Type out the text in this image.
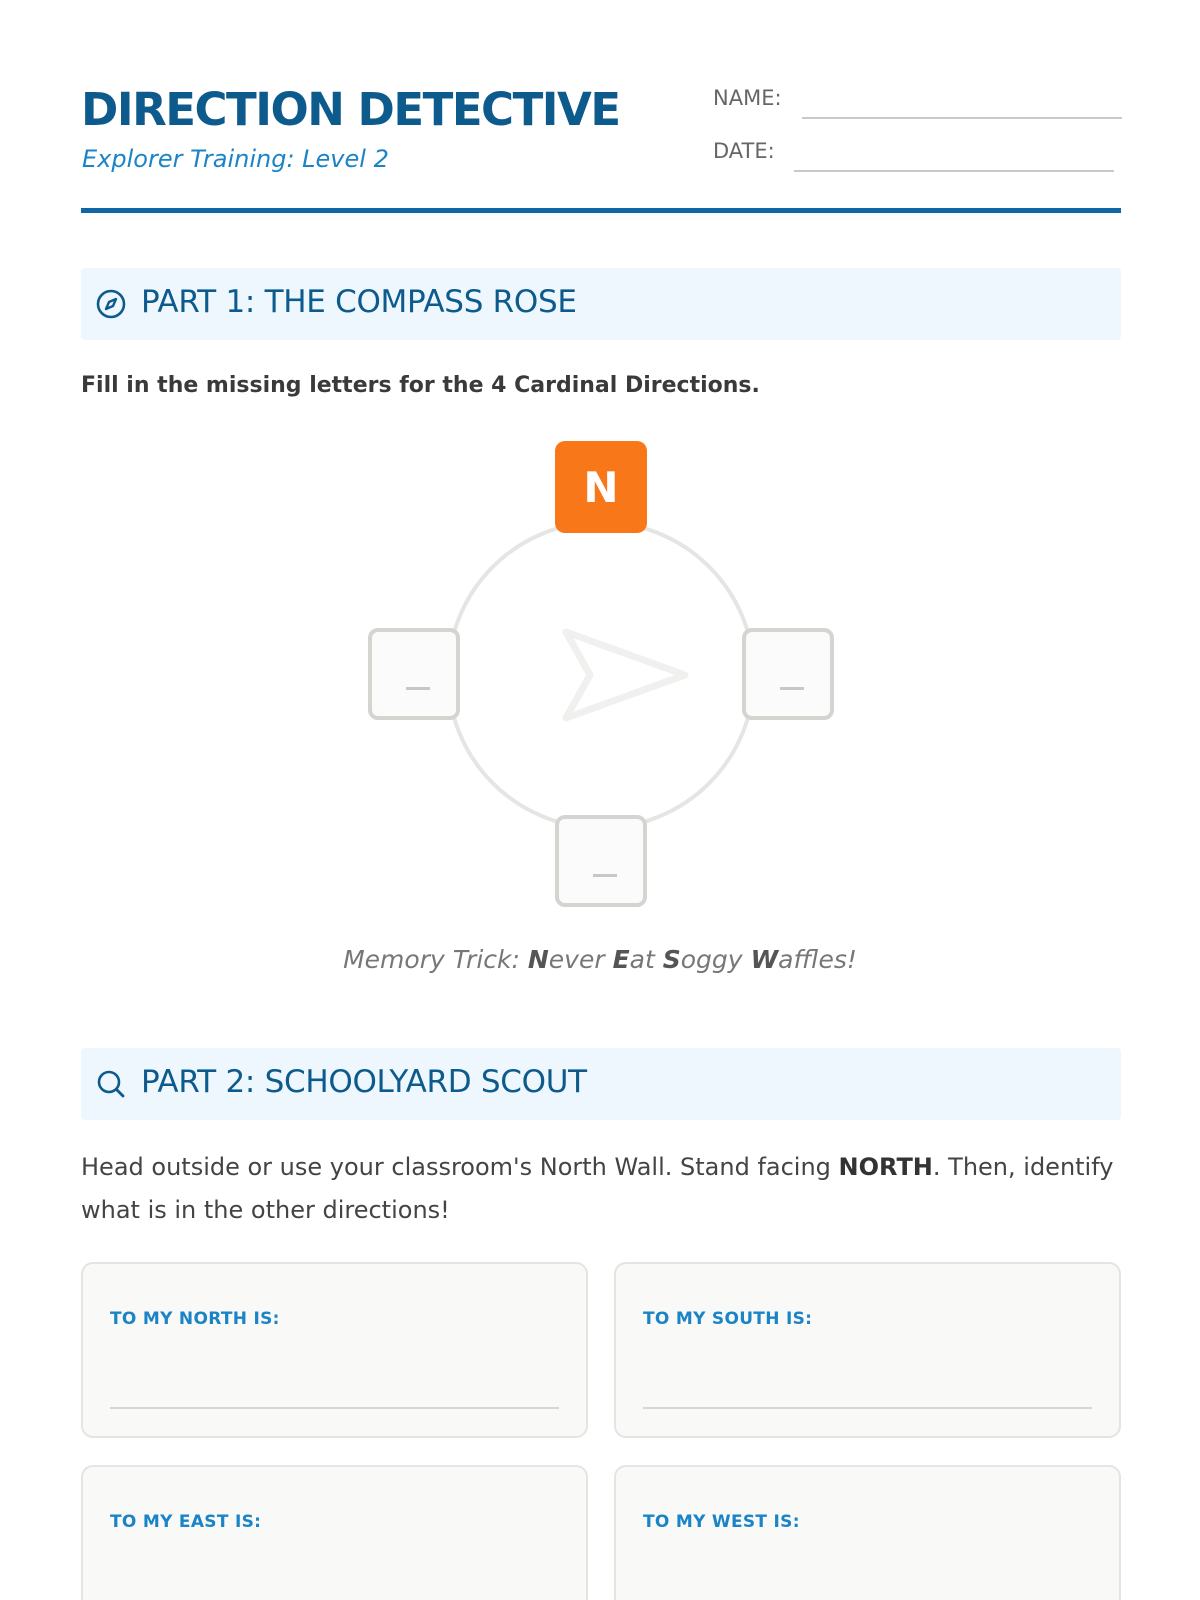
DIRECTION DETECTIVE
Explorer Training: Level 2
NAME:
DATE:
PART 1: THE COMPASS ROSE
Fill in the missing letters for the 4 Cardinal Directions.
N
Memory Trick: Never Eat Soggy Waffles!
PART 2: SCHOOLYARD SCOUT
Head outside or use your classroom's North Wall. Stand facing NORTH. Then, identify what is in the other directions!
TO MY NORTH IS:	TO MY SOUTH IS:
TO MY EAST IS:	TO MY WEST IS:
